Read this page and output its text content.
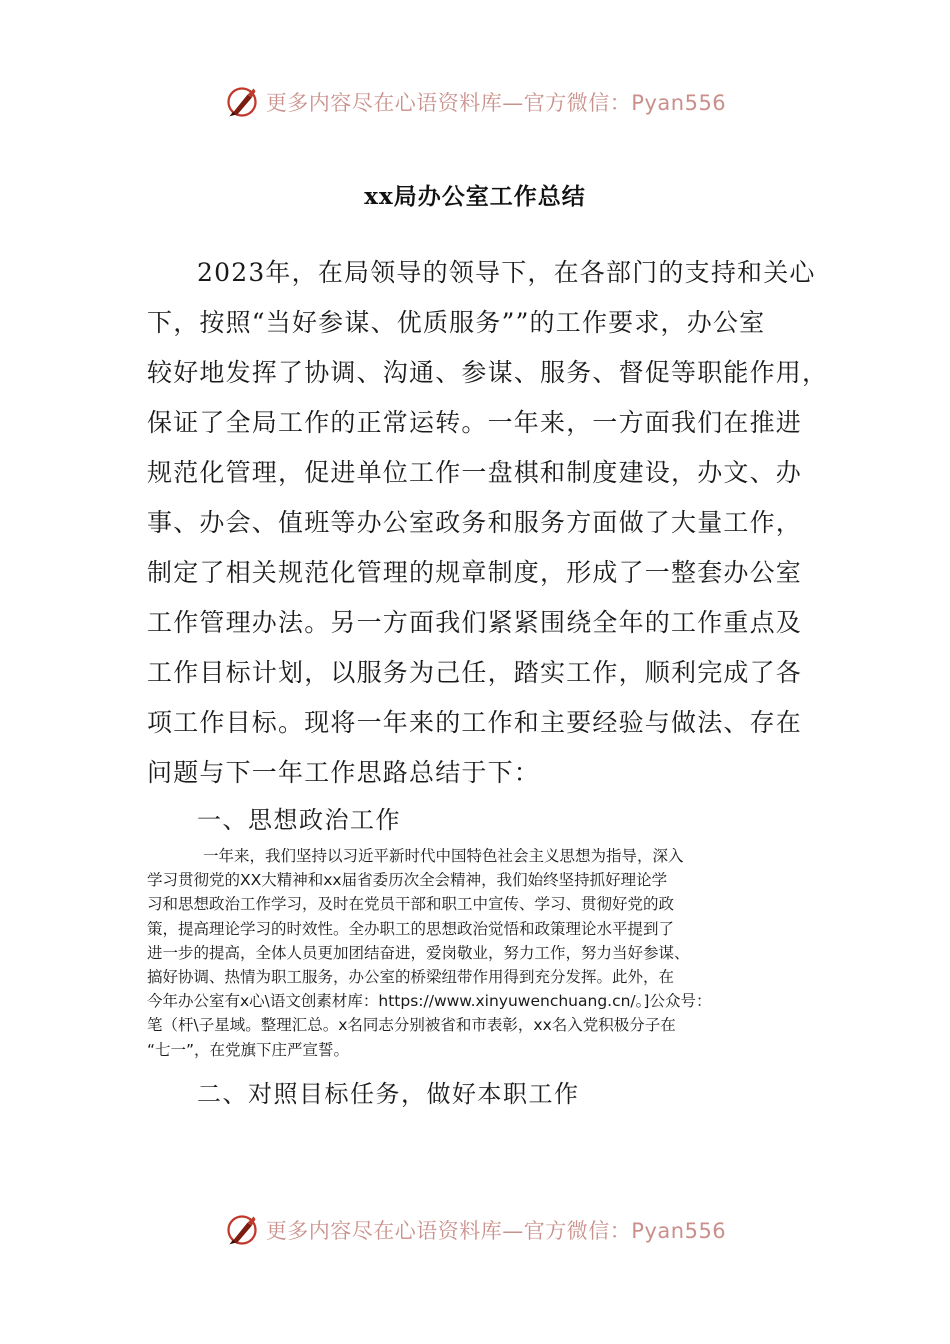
更多内容尽在心语资料库—官方微信：Pyan556
xx局办公室工作总结
2023年，在局领导的领导下，在各部门的支持和关心
下，按照“当好参谋、优质服务””的工作要求，办公室
较好地发挥了协调、沟通、参谋、服务、督促等职能作用，
保证了全局工作的正常运转。一年来，一方面我们在推进
规范化管理，促进单位工作一盘棋和制度建设，办文、办
事、办会、值班等办公室政务和服务方面做了大量工作，
制定了相关规范化管理的规章制度，形成了一整套办公室
工作管理办法。另一方面我们紧紧围绕全年的工作重点及
工作目标计划，以服务为己任，踏实工作，顺利完成了各
项工作目标。现将一年来的工作和主要经验与做法、存在
问题与下一年工作思路总结于下：
一、思想政治工作
一年来，我们坚持以习近平新时代中国特色社会主义思想为指导，深入
学习贯彻党的XX大精神和xx届省委历次全会精神，我们始终坚持抓好理论学
习和思想政治工作学习，及时在党员干部和职工中宣传、学习、贯彻好党的政
策，提高理论学习的时效性。全办职工的思想政治觉悟和政策理论水平提到了
进一步的提高，全体人员更加团结奋进，爱岗敬业，努力工作，努力当好参谋、
搞好协调、热情为职工服务，办公室的桥梁纽带作用得到充分发挥。此外，在
今年办公室有x心\语文创素材库：https://www.xinyuwenchuang.cn/。]公众号：
笔（杆\子星域。整理汇总。x名同志分别被省和市表彰，xx名入党积极分子在
“七一”，在党旗下庄严宣誓。
二、对照目标任务，做好本职工作
更多内容尽在心语资料库—官方微信：Pyan556
